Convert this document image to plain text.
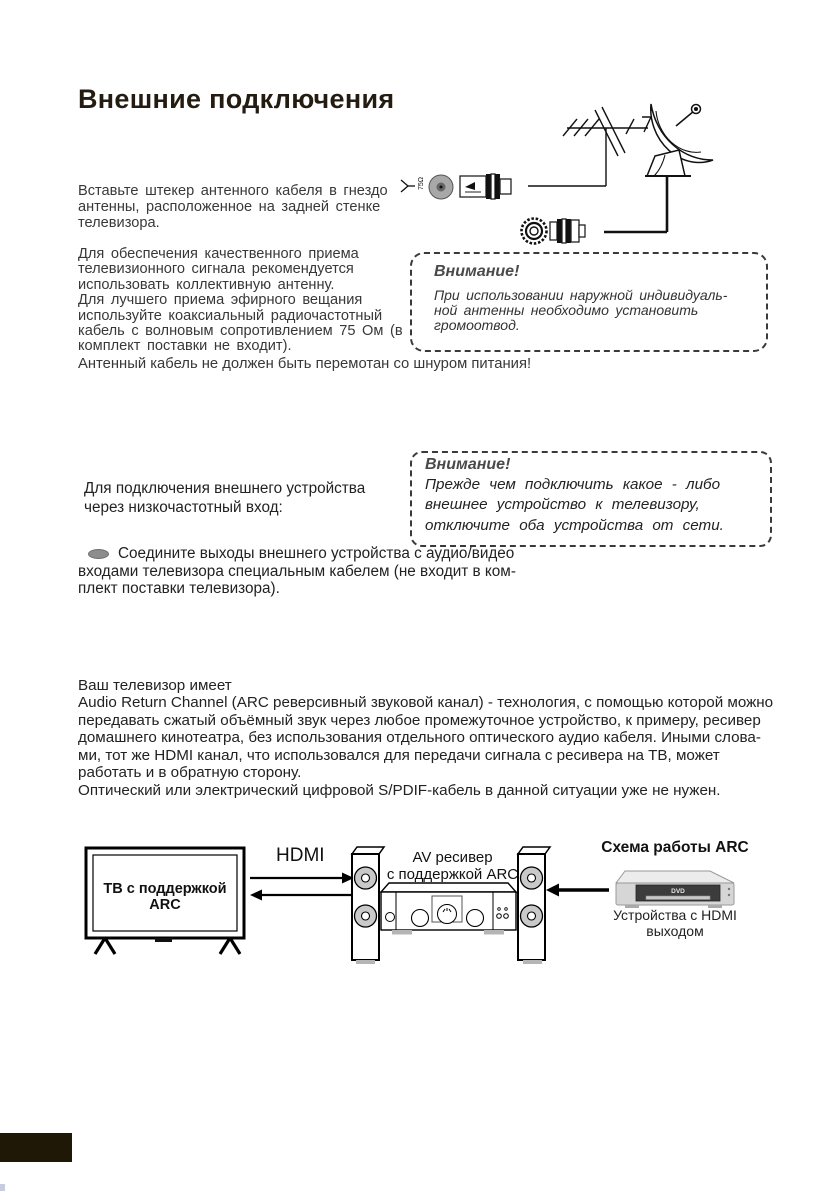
Внешние подключения
75Ω
Вставьте штекер антенного кабеля в гнездо
антенны, расположенное на задней стенке
телевизора.
Для обеспечения качественного приема
телевизионного сигнала рекомендуется
использовать коллективную антенну.
Для лучшего приема эфирного вещания
используйте коаксиальный радиочастотный
кабель с волновым сопротивлением 75 Ом (в
комплект поставки не входит).
Антенный кабель не должен быть перемотан со шнуром питания!
Внимание!
При использовании наружной индивидуаль-
ной антенны необходимо установить
громоотвод.
Для подключения внешнего устройства
через низкочастотный вход:
Внимание!
Прежде чем подключить какое - либо
внешнее устройство к телевизору,
отключите оба устройства от сети.
Соедините выходы внешнего устройства с аудио/видео
входами телевизора специальным кабелем (не входит в ком-
плект поставки телевизора).
Ваш телевизор имеет
Audio Return Channel (ARC реверсивный звуковой канал) - технология, с помощью которой можно
передавать сжатый объёмный звук через любое промежуточное устройство, к примеру, ресивер
домашнего кинотеатра, без использования отдельного оптического аудио кабеля. Иными слова-
ми, тот же HDMI канал, что использовался для передачи сигнала с ресивера на ТВ, может
работать и в обратную сторону.
Оптический или электрический цифровой S/PDIF-кабель в данной ситуации уже не нужен.
DVD
ТВ с поддержкой ARC
HDMI	AV ресивер
с поддержкой ARC
Схема работы ARC
Устройства с HDMI выходом
